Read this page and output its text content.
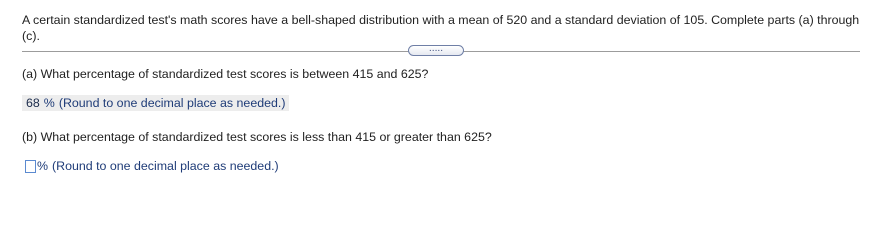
A certain standardized test's math scores have a bell-shaped distribution with a mean of 520 and a standard deviation of 105. Complete parts (a) through (c).
.....
(a) What percentage of standardized test scores is between 415 and 625?
68 % (Round to one decimal place as needed.)
(b) What percentage of standardized test scores is less than 415 or greater than 625?
% (Round to one decimal place as needed.)
